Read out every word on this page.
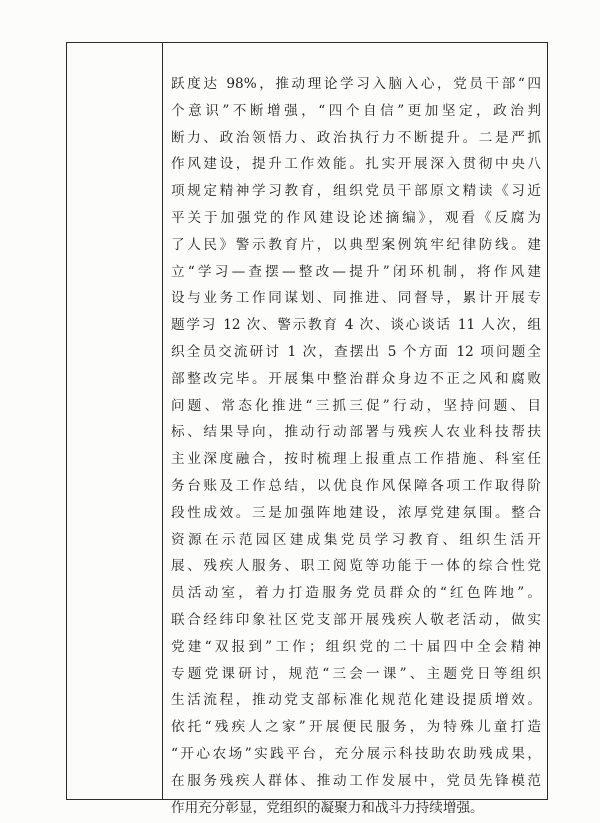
跃度达 98%，推动理论学习入脑入心，党员干部“四
个意识”不断增强，“四个自信”更加坚定，政治判
断力、政治领悟力、政治执行力不断提升。二是严抓
作风建设，提升工作效能。扎实开展深入贯彻中央八
项规定精神学习教育，组织党员干部原文精读《习近
平关于加强党的作风建设论述摘编》，观看《反腐为
了人民》警示教育片，以典型案例筑牢纪律防线。建
立“学习—查摆—整改—提升”闭环机制，将作风建
设与业务工作同谋划、同推进、同督导，累计开展专
题学习 12 次、警示教育 4 次、谈心谈话 11 人次，组
织全员交流研讨 1 次，查摆出 5 个方面 12 项问题全
部整改完毕。开展集中整治群众身边不正之风和腐败
问题、常态化推进“三抓三促”行动，坚持问题、目
标、结果导向，推动行动部署与残疾人农业科技帮扶
主业深度融合，按时梳理上报重点工作措施、科室任
务台账及工作总结，以优良作风保障各项工作取得阶
段性成效。三是加强阵地建设，浓厚党建氛围。整合
资源在示范园区建成集党员学习教育、组织生活开
展、残疾人服务、职工阅览等功能于一体的综合性党
员活动室，着力打造服务党员群众的“红色阵地”。
联合经纬印象社区党支部开展残疾人敬老活动，做实
党建“双报到”工作；组织党的二十届四中全会精神
专题党课研讨，规范“三会一课”、主题党日等组织
生活流程，推动党支部标准化规范化建设提质增效。
依托“残疾人之家”开展便民服务，为特殊儿童打造
“开心农场”实践平台，充分展示科技助农助残成果，
在服务残疾人群体、推动工作发展中，党员先锋模范
作用充分彰显，党组织的凝聚力和战斗力持续增强。
